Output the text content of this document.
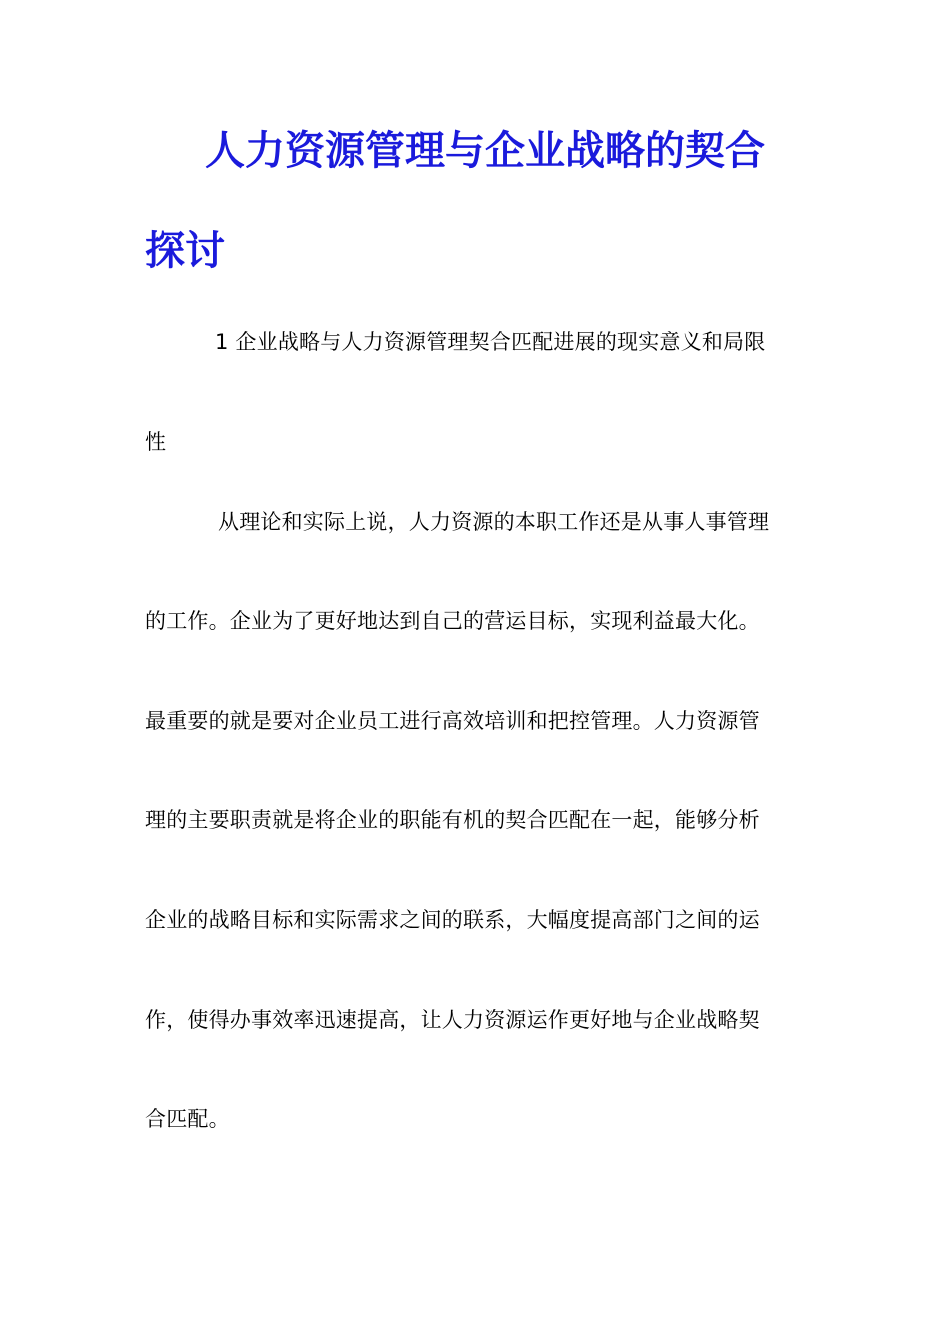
人力资源管理与企业战略的契合
探讨
1 企业战略与人力资源管理契合匹配进展的现实意义和局限
性
从理论和实际上说，人力资源的本职工作还是从事人事管理
的工作。企业为了更好地达到自己的营运目标，实现利益最大化。
最重要的就是要对企业员工进行高效培训和把控管理。人力资源管
理的主要职责就是将企业的职能有机的契合匹配在一起，能够分析
企业的战略目标和实际需求之间的联系，大幅度提高部门之间的运
作，使得办事效率迅速提高，让人力资源运作更好地与企业战略契
合匹配。
